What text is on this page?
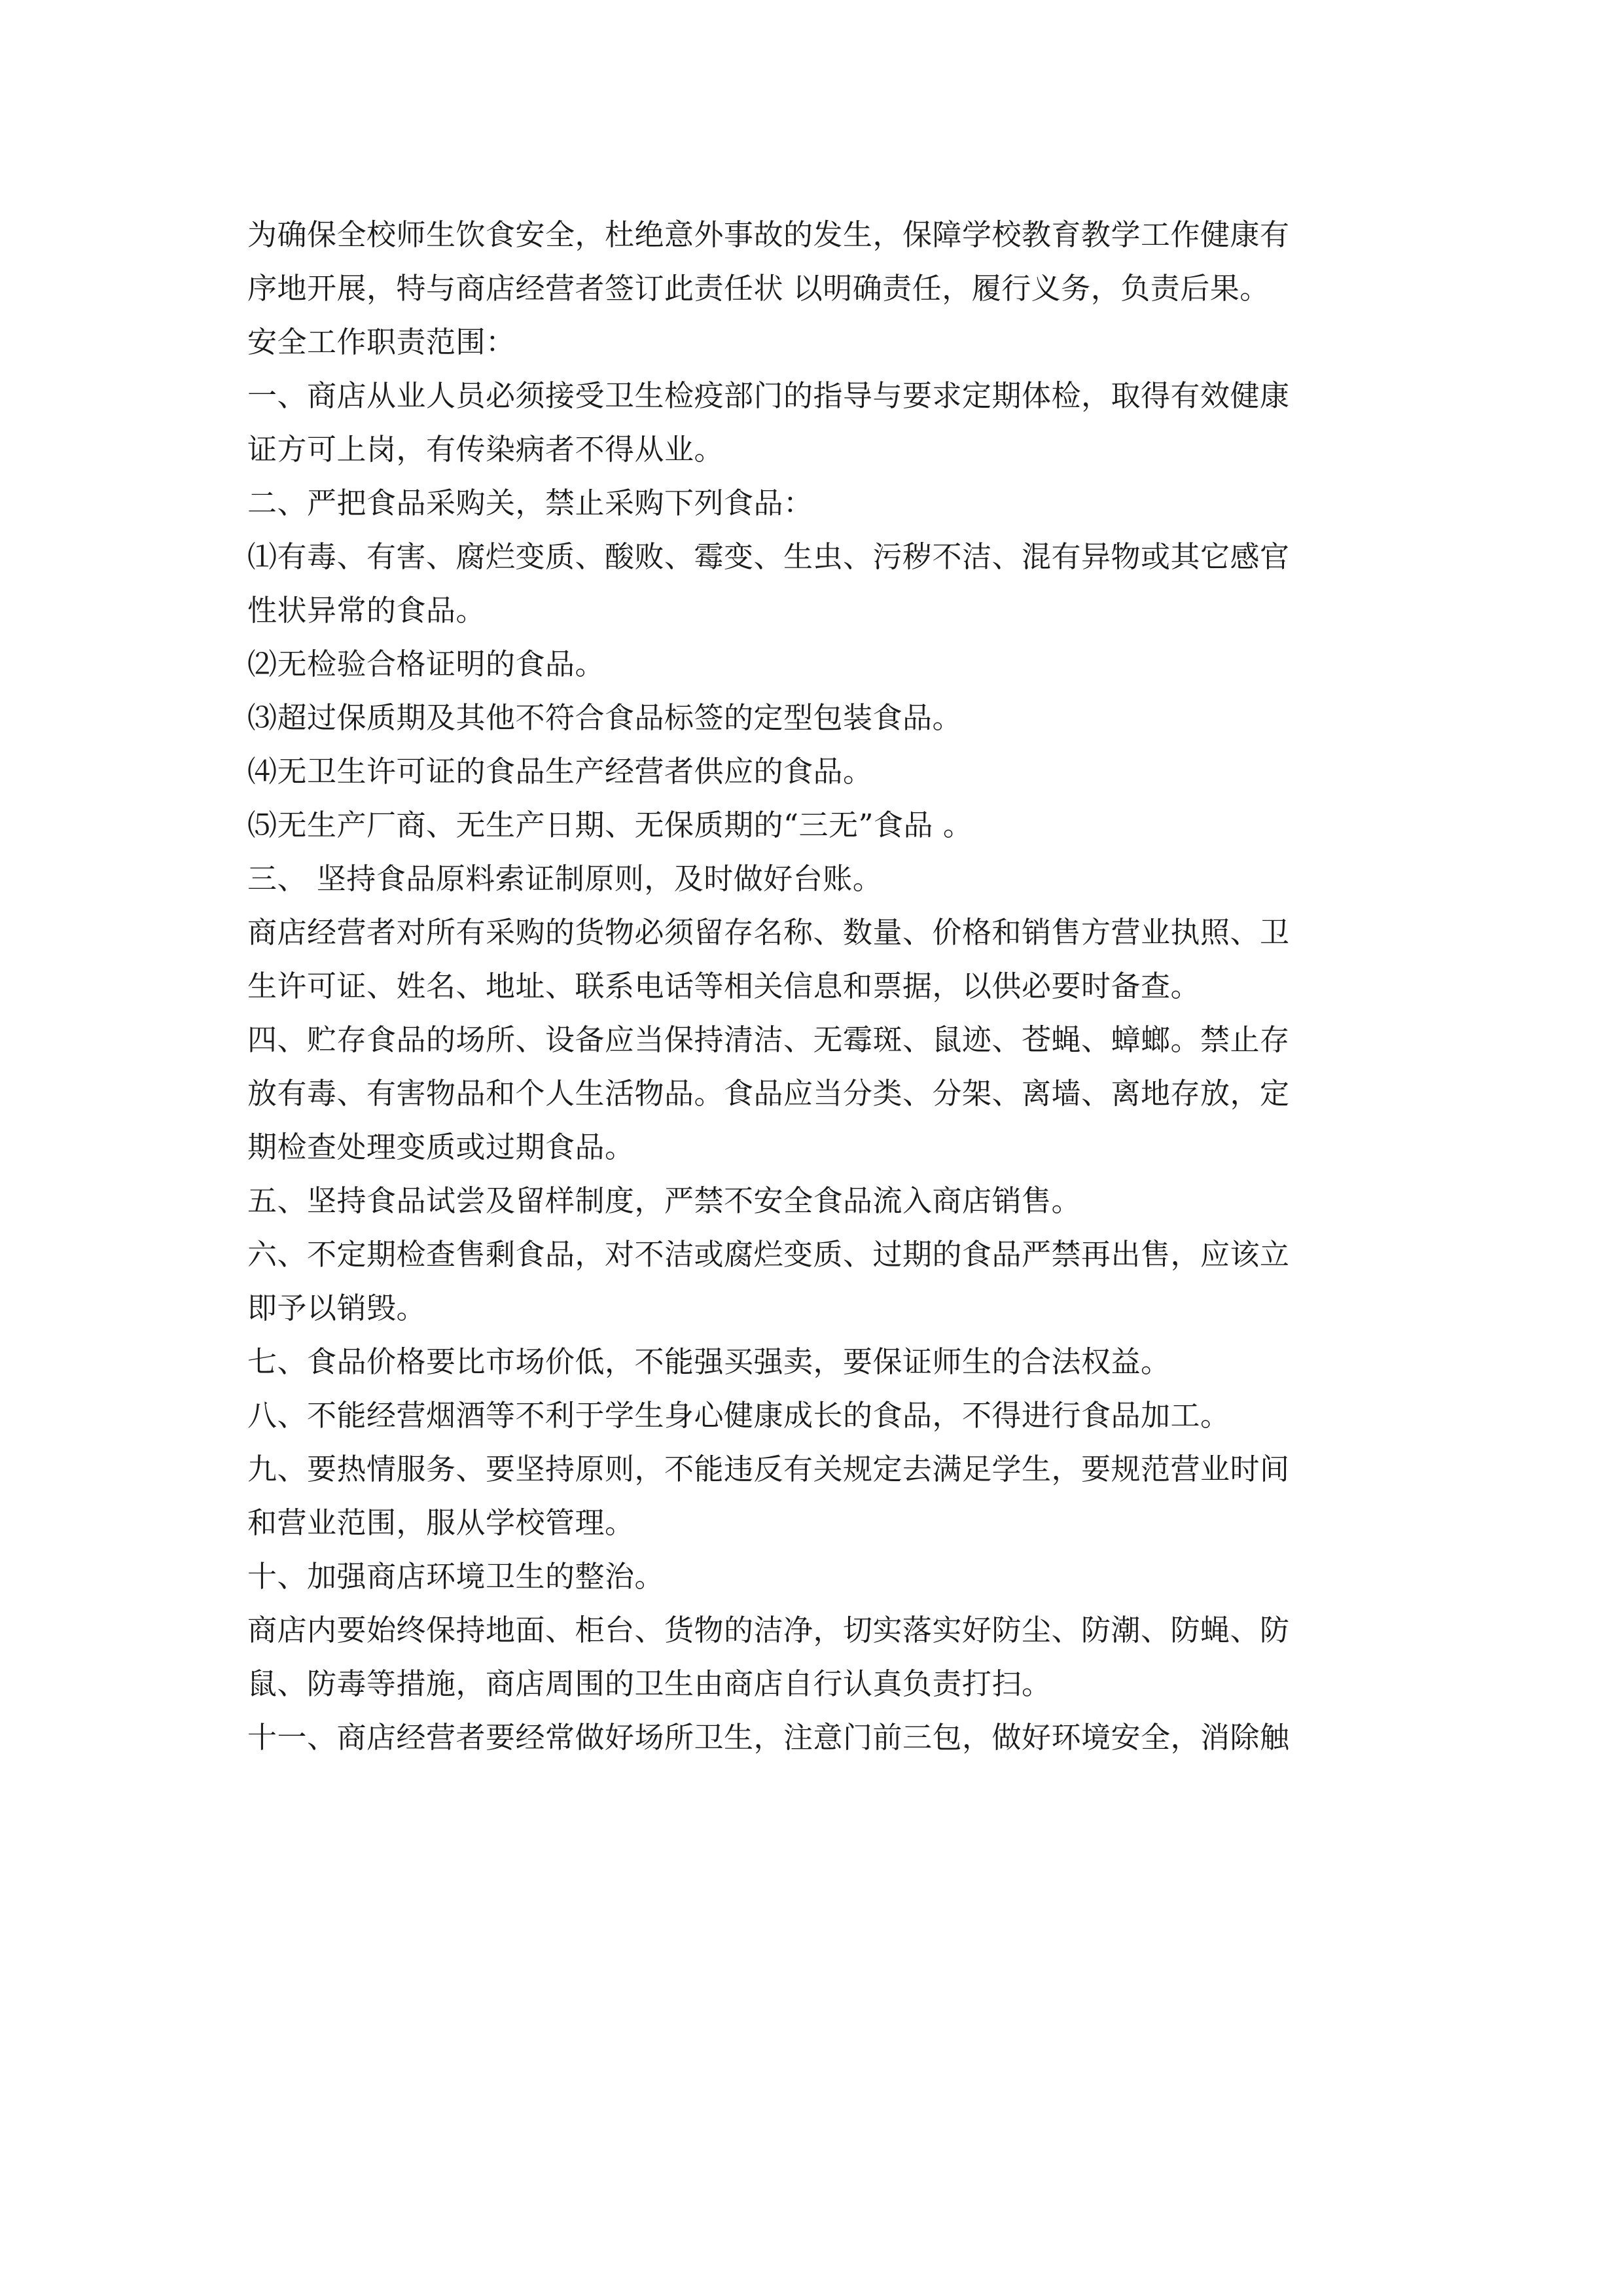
为确保全校师生饮食安全，杜绝意外事故的发生，保障学校教育教学工作健康有
序地开展，特与商店经营者签订此责任状 以明确责任，履行义务，负责后果。
安全工作职责范围：
一、商店从业人员必须接受卫生检疫部门的指导与要求定期体检，取得有效健康
证方可上岗，有传染病者不得从业。
二、严把食品采购关，禁止采购下列食品：
⑴有毒、有害、腐烂变质、酸败、霉变、生虫、污秽不洁、混有异物或其它感官
性状异常的食品。
⑵无检验合格证明的食品。
⑶超过保质期及其他不符合食品标签的定型包装食品。
⑷无卫生许可证的食品生产经营者供应的食品。
⑸无生产厂商、无生产日期、无保质期的“三无”食品 。
三、 坚持食品原料索证制原则，及时做好台账。
商店经营者对所有采购的货物必须留存名称、数量、价格和销售方营业执照、卫
生许可证、姓名、地址、联系电话等相关信息和票据，以供必要时备查。
四、贮存食品的场所、设备应当保持清洁、无霉斑、鼠迹、苍蝇、蟑螂。禁止存
放有毒、有害物品和个人生活物品。食品应当分类、分架、离墙、离地存放，定
期检查处理变质或过期食品。
五、坚持食品试尝及留样制度，严禁不安全食品流入商店销售。
六、不定期检查售剩食品，对不洁或腐烂变质、过期的食品严禁再出售，应该立
即予以销毁。
七、食品价格要比市场价低，不能强买强卖，要保证师生的合法权益。
八、不能经营烟酒等不利于学生身心健康成长的食品，不得进行食品加工。
九、要热情服务、要坚持原则，不能违反有关规定去满足学生，要规范营业时间
和营业范围，服从学校管理。
十、加强商店环境卫生的整治。
商店内要始终保持地面、柜台、货物的洁净，切实落实好防尘、防潮、防蝇、防
鼠、防毒等措施，商店周围的卫生由商店自行认真负责打扫。
十一、商店经营者要经常做好场所卫生，注意门前三包，做好环境安全，消除触
